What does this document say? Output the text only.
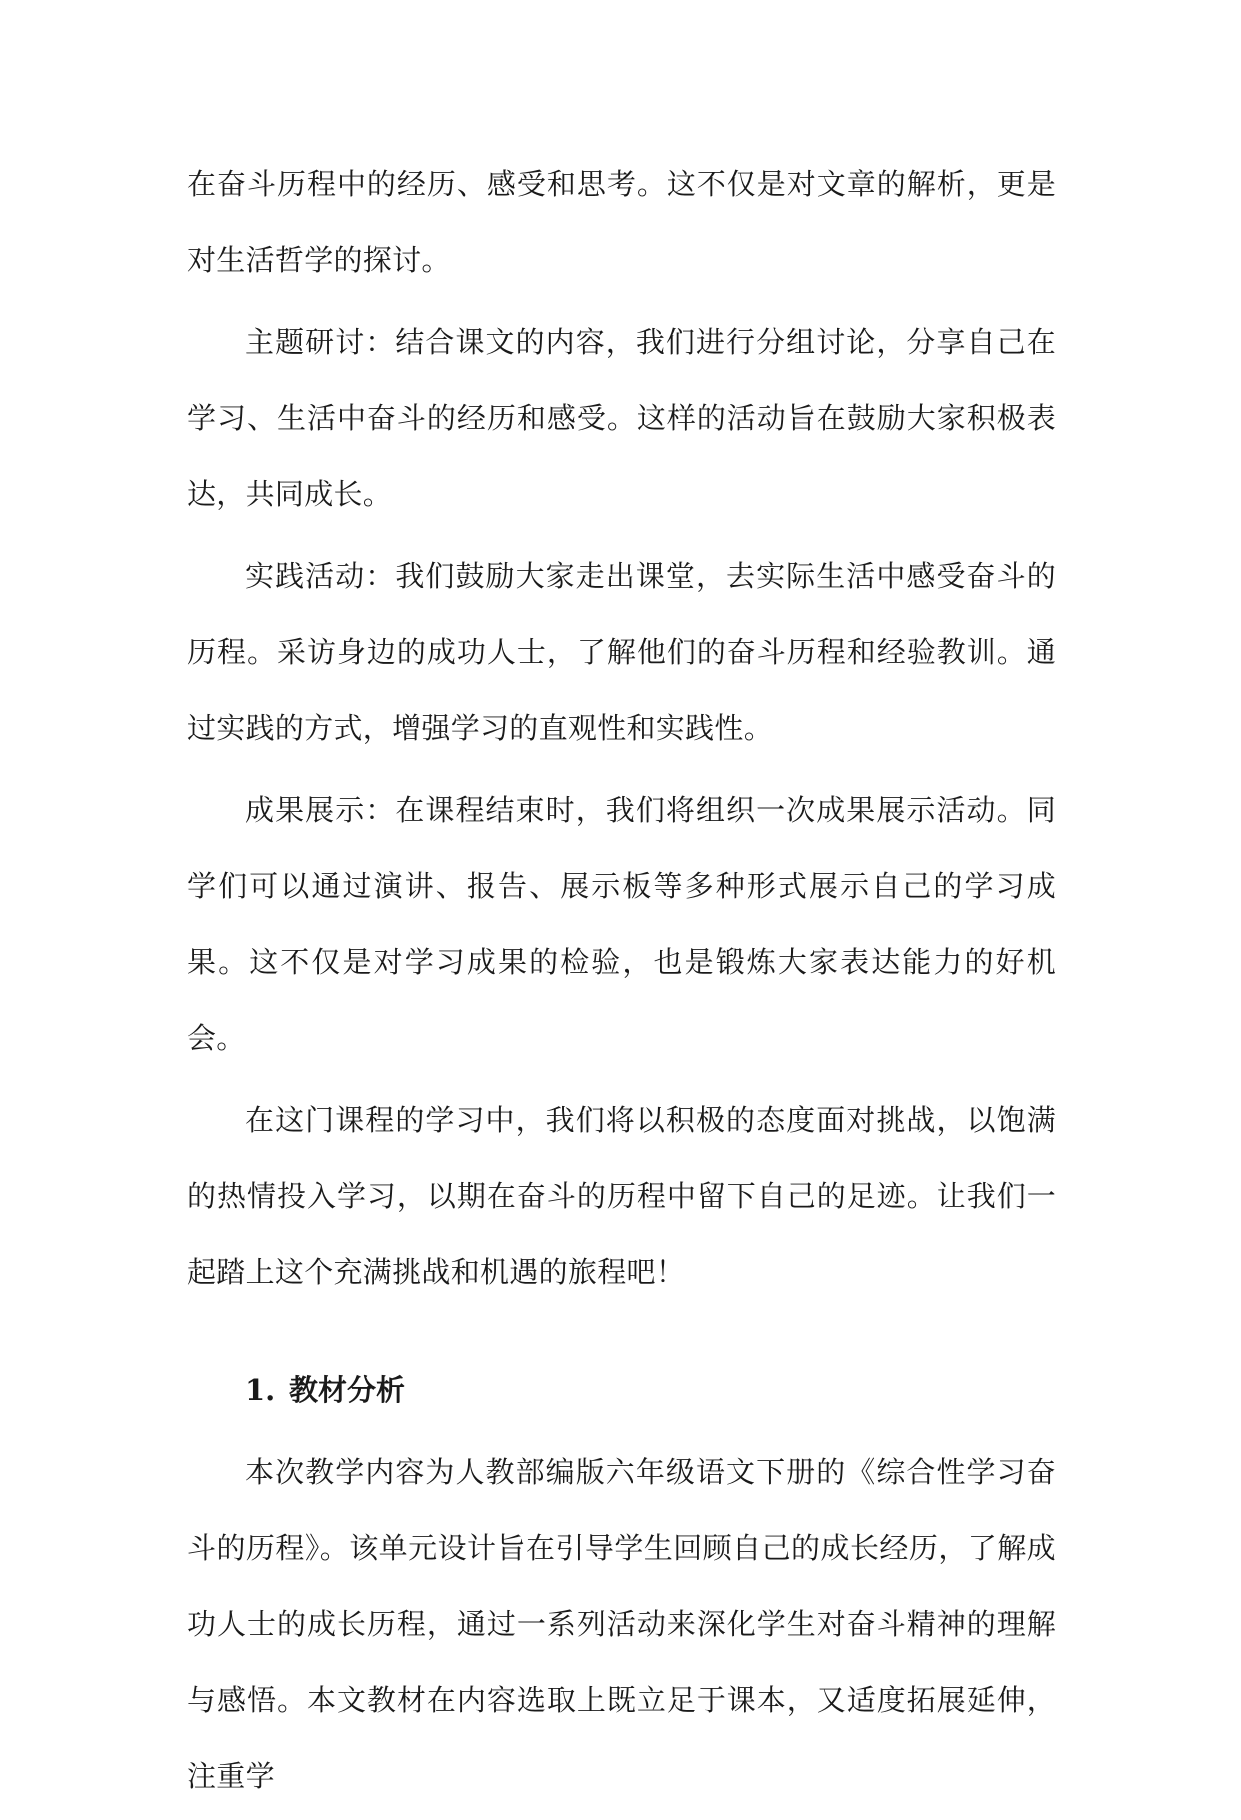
在奋斗历程中的经历、感受和思考。这不仅是对文章的解析，更是对生活哲学的探讨。

主题研讨：结合课文的内容，我们进行分组讨论，分享自己在学习、生活中奋斗的经历和感受。这样的活动旨在鼓励大家积极表达，共同成长。

实践活动：我们鼓励大家走出课堂，去实际生活中感受奋斗的历程。采访身边的成功人士，了解他们的奋斗历程和经验教训。通过实践的方式，增强学习的直观性和实践性。

成果展示：在课程结束时，我们将组织一次成果展示活动。同学们可以通过演讲、报告、展示板等多种形式展示自己的学习成果。这不仅是对学习成果的检验，也是锻炼大家表达能力的好机会。

在这门课程的学习中，我们将以积极的态度面对挑战，以饱满的热情投入学习，以期在奋斗的历程中留下自己的足迹。让我们一起踏上这个充满挑战和机遇的旅程吧！

1. 教材分析

本次教学内容为人教部编版六年级语文下册的《综合性学习奋斗的历程》。该单元设计旨在引导学生回顾自己的成长经历，了解成功人士的成长历程，通过一系列活动来深化学生对奋斗精神的理解与感悟。本文教材在内容选取上既立足于课本，又适度拓展延伸，注重学
